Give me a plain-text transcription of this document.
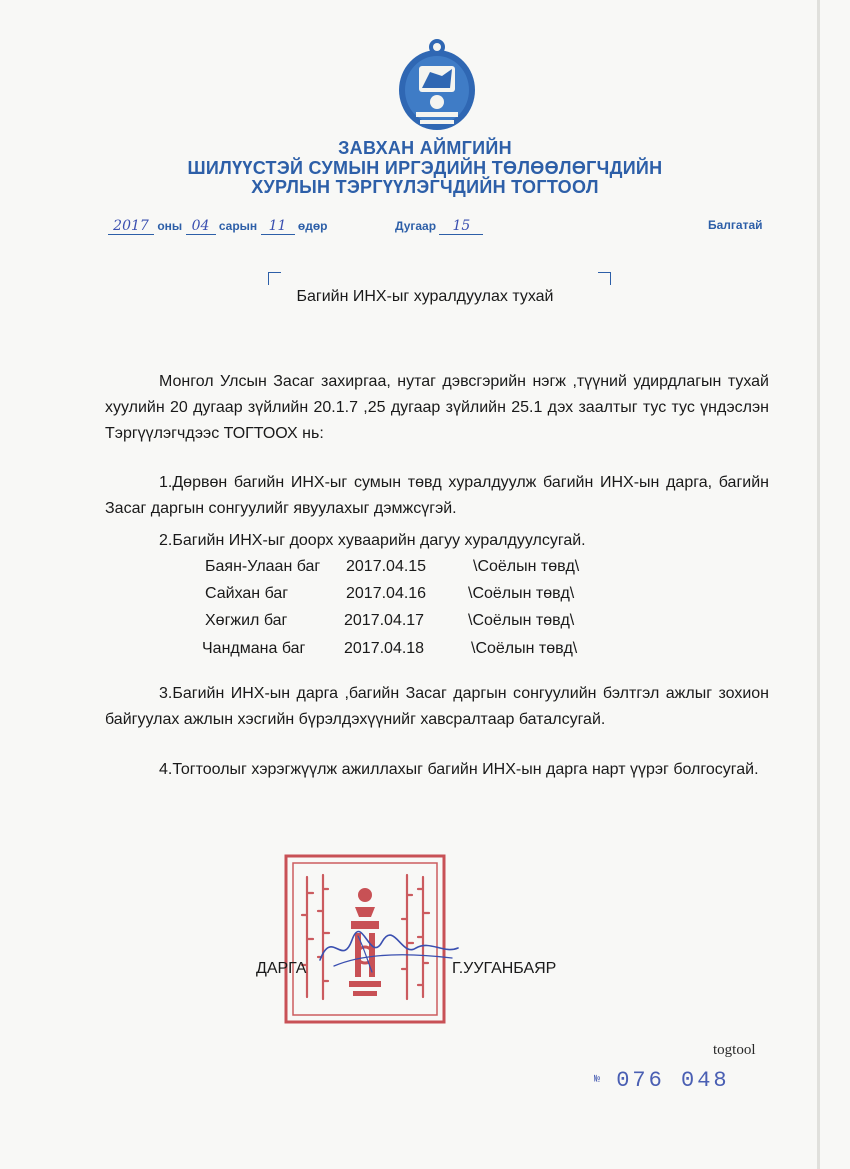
ЗАВХАН АЙМГИЙН
ШИЛҮҮСТЭЙ СУМЫН ИРГЭДИЙН ТӨЛӨӨЛӨГЧДИЙН
ХУРЛЫН ТЭРГҮҮЛЭГЧДИЙН ТОГТООЛ
2017 оны 04 сарын 11 өдөр	Дугаар 15	Балгатай
Багийн ИНХ-ыг хуралдуулах тухай
Монгол Улсын Засаг захиргаа, нутаг дэвсгэрийн нэгж ,түүний удирдлагын тухай хуулийн 20 дугаар зүйлийн 20.1.7 ,25 дугаар зүйлийн 25.1 дэх заалтыг тус тус үндэслэн Тэргүүлэгчдээс ТОГТООХ нь:
1.Дөрвөн багийн ИНХ-ыг сумын төвд хуралдуулж багийн ИНХ-ын дарга, багийн Засаг даргын сонгуулийг явуулахыг дэмжсүгэй.
2.Багийн ИНХ-ыг доорх хуваарийн дагуу хуралдуулсугай.
Баян-Улаан баг 2017.04.15	\Соёлын төвд\
Сайхан баг	2017.04.16	\Соёлын төвд\
Хөгжил баг	2017.04.17	\Соёлын төвд\
Чандмана баг 2017.04.18	\Соёлын төвд\
3.Багийн ИНХ-ын дарга ,багийн Засаг даргын сонгуулийн бэлтгэл ажлыг зохион байгуулах ажлын хэсгийн бүрэлдэхүүнийг хавсралтаар баталсугай.
4.Тогтоолыг хэрэгжүүлж ажиллахыг багийн ИНХ-ын дарга нарт үүрэг болгосугай.
ДАРГА	Г.УУГАНБАЯР
togtool
№ 076 048
